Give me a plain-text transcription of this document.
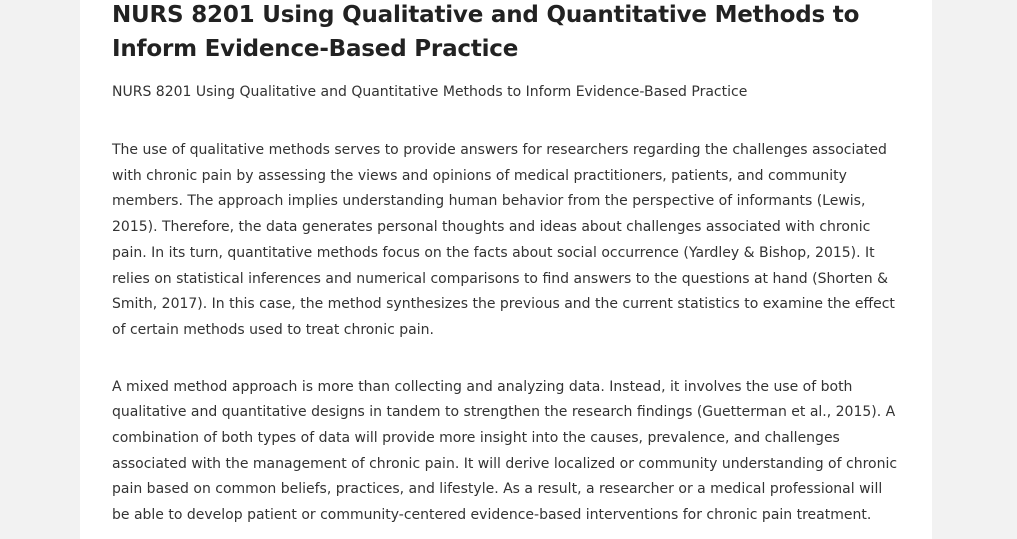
NURS 8201 Using Qualitative and Quantitative Methods to Inform Evidence-Based Practice

NURS 8201 Using Qualitative and Quantitative Methods to Inform Evidence-Based Practice

The use of qualitative methods serves to provide answers for researchers regarding the challenges associated with chronic pain by assessing the views and opinions of medical practitioners, patients, and community members. The approach implies understanding human behavior from the perspective of informants (Lewis, 2015). Therefore, the data generates personal thoughts and ideas about challenges associated with chronic pain. In its turn, quantitative methods focus on the facts about social occurrence (Yardley & Bishop, 2015). It relies on statistical inferences and numerical comparisons to find answers to the questions at hand (Shorten & Smith, 2017). In this case, the method synthesizes the previous and the current statistics to examine the effect of certain methods used to treat chronic pain.

A mixed method approach is more than collecting and analyzing data. Instead, it involves the use of both qualitative and quantitative designs in tandem to strengthen the research findings (Guetterman et al., 2015). A combination of both types of data will provide more insight into the causes, prevalence, and challenges associated with the management of chronic pain. It will derive localized or community understanding of chronic pain based on common beliefs, practices, and lifestyle. As a result, a researcher or a medical professional will be able to develop patient or community-centered evidence-based interventions for chronic pain treatment.
